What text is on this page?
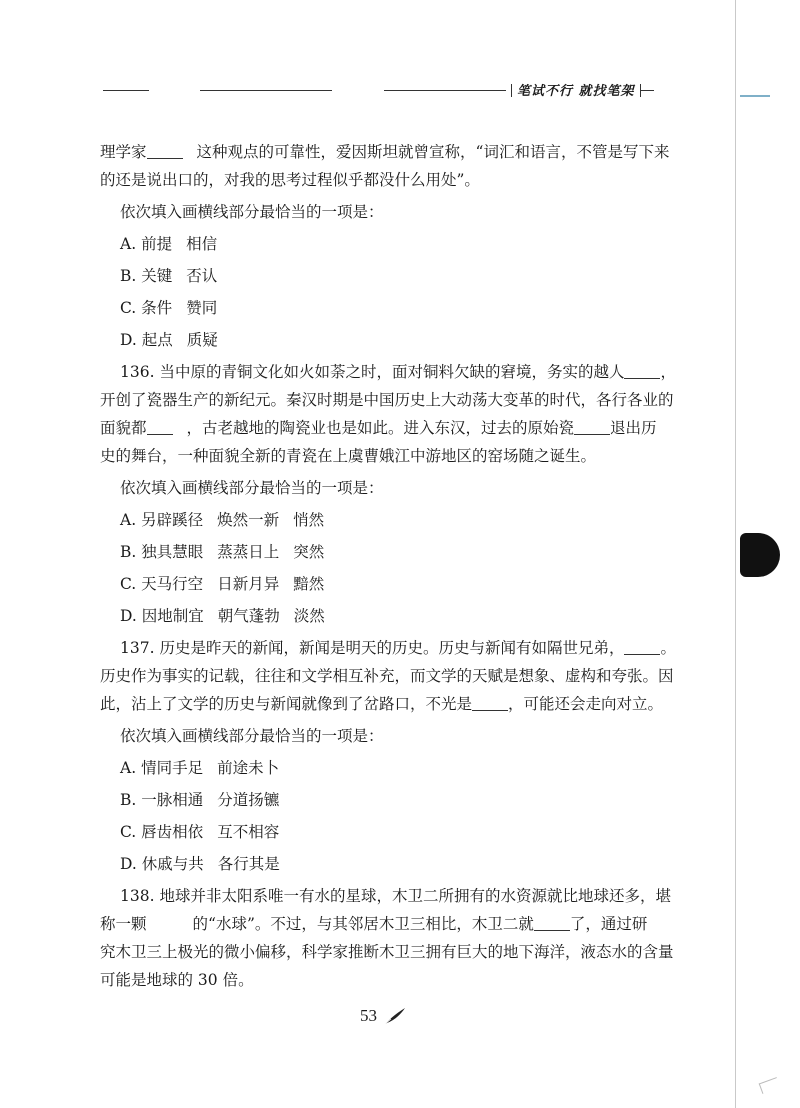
笔试不行 就找笔架

理学家	这种观点的可靠性，爱因斯坦就曾宣称，“词汇和语言，不管是写下来

的还是说出口的，对我的思考过程似乎都没什么用处”。

依次填入画横线部分最恰当的一项是：

A. 前提 相信

B. 关键 否认

C. 条件 赞同

D. 起点 质疑

136. 当中原的青铜文化如火如荼之时，面对铜料欠缺的窘境，务实的越人 ，

开创了瓷器生产的新纪元。秦汉时期是中国历史上大动荡大变革的时代，各行各业的

面貌都	，古老越地的陶瓷业也是如此。进入东汉，过去的原始瓷 退出历

史的舞台，一种面貌全新的青瓷在上虞曹娥江中游地区的窑场随之诞生。

依次填入画横线部分最恰当的一项是：

A. 另辟蹊径 焕然一新 悄然

B. 独具慧眼 蒸蒸日上 突然

C. 天马行空 日新月异 黯然

D. 因地制宜 朝气蓬勃 淡然

137. 历史是昨天的新闻，新闻是明天的历史。历史与新闻有如隔世兄弟， 。

历史作为事实的记载，往往和文学相互补充，而文学的天赋是想象、虚构和夸张。因

此，沾上了文学的历史与新闻就像到了岔路口，不光是 ，可能还会走向对立。

依次填入画横线部分最恰当的一项是：

A. 情同手足 前途未卜

B. 一脉相通 分道扬镳

C. 唇齿相依 互不相容

D. 休戚与共 各行其是

138. 地球并非太阳系唯一有水的星球，木卫二所拥有的水资源就比地球还多，堪

称一颗	的“水球”。不过，与其邻居木卫三相比，木卫二就 了，通过研

究木卫三上极光的微小偏移，科学家推断木卫三拥有巨大的地下海洋，液态水的含量

可能是地球的 30 倍。

53
